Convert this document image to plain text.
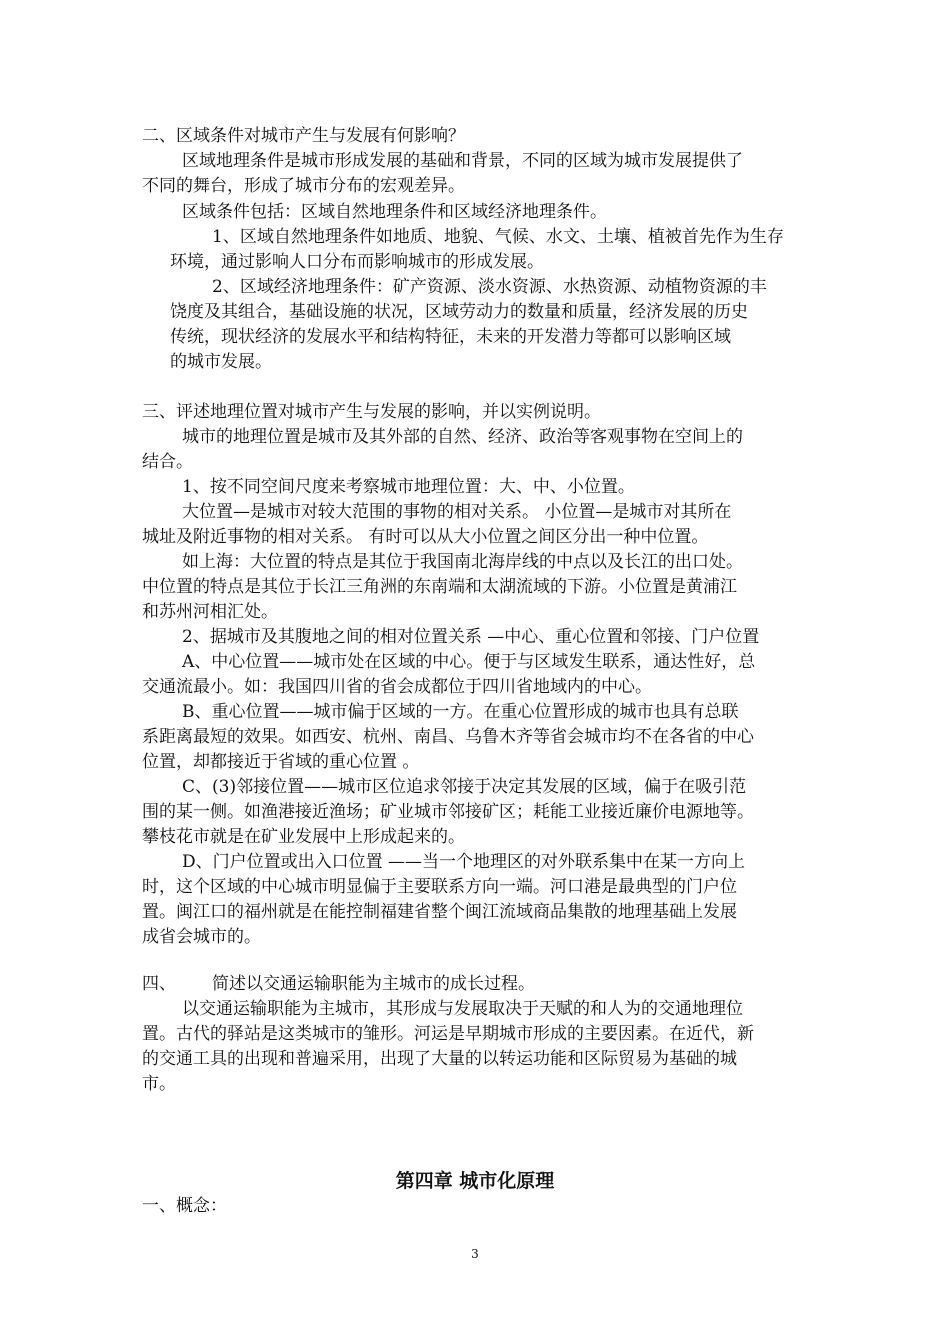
二、区域条件对城市产生与发展有何影响？
区域地理条件是城市形成发展的基础和背景，不同的区域为城市发展提供了
不同的舞台，形成了城市分布的宏观差异。
区域条件包括：区域自然地理条件和区域经济地理条件。
1、区域自然地理条件如地质、地貌、气候、水文、土壤、植被首先作为生存
环境，通过影响人口分布而影响城市的形成发展。
2、区域经济地理条件：矿产资源、淡水资源、水热资源、动植物资源的丰
饶度及其组合，基础设施的状况，区域劳动力的数量和质量，经济发展的历史
传统，现状经济的发展水平和结构特征，未来的开发潜力等都可以影响区域
的城市发展。
三、评述地理位置对城市产生与发展的影响，并以实例说明。
城市的地理位置是城市及其外部的自然、经济、政治等客观事物在空间上的
结合。
1、按不同空间尺度来考察城市地理位置：大、中、小位置。
大位置—是城市对较大范围的事物的相对关系。 小位置—是城市对其所在
城址及附近事物的相对关系。 有时可以从大小位置之间区分出一种中位置。
如上海：大位置的特点是其位于我国南北海岸线的中点以及长江的出口处。
中位置的特点是其位于长江三角洲的东南端和太湖流域的下游。小位置是黄浦江
和苏州河相汇处。
2、据城市及其腹地之间的相对位置关系 —中心、重心位置和邻接、门户位置
A、中心位置——城市处在区域的中心。便于与区域发生联系，通达性好，总
交通流最小。如：我国四川省的省会成都位于四川省地域内的中心。
B、重心位置——城市偏于区域的一方。在重心位置形成的城市也具有总联
系距离最短的效果。如西安、杭州、南昌、乌鲁木齐等省会城市均不在各省的中心
位置，却都接近于省域的重心位置 。
C、(3)邻接位置——城市区位追求邻接于决定其发展的区域，偏于在吸引范
围的某一侧。如渔港接近渔场；矿业城市邻接矿区；耗能工业接近廉价电源地等。
攀枝花市就是在矿业发展中上形成起来的。
D、门户位置或出入口位置 ——当一个地理区的对外联系集中在某一方向上
时，这个区域的中心城市明显偏于主要联系方向一端。河口港是最典型的门户位
置。闽江口的福州就是在能控制福建省整个闽江流域商品集散的地理基础上发展
成省会城市的。
四、 简述以交通运输职能为主城市的成长过程。
以交通运输职能为主城市，其形成与发展取决于天赋的和人为的交通地理位
置。古代的驿站是这类城市的雏形。河运是早期城市形成的主要因素。在近代，新
的交通工具的出现和普遍采用，出现了大量的以转运功能和区际贸易为基础的城
市。
第四章 城市化原理
一、概念：
3
